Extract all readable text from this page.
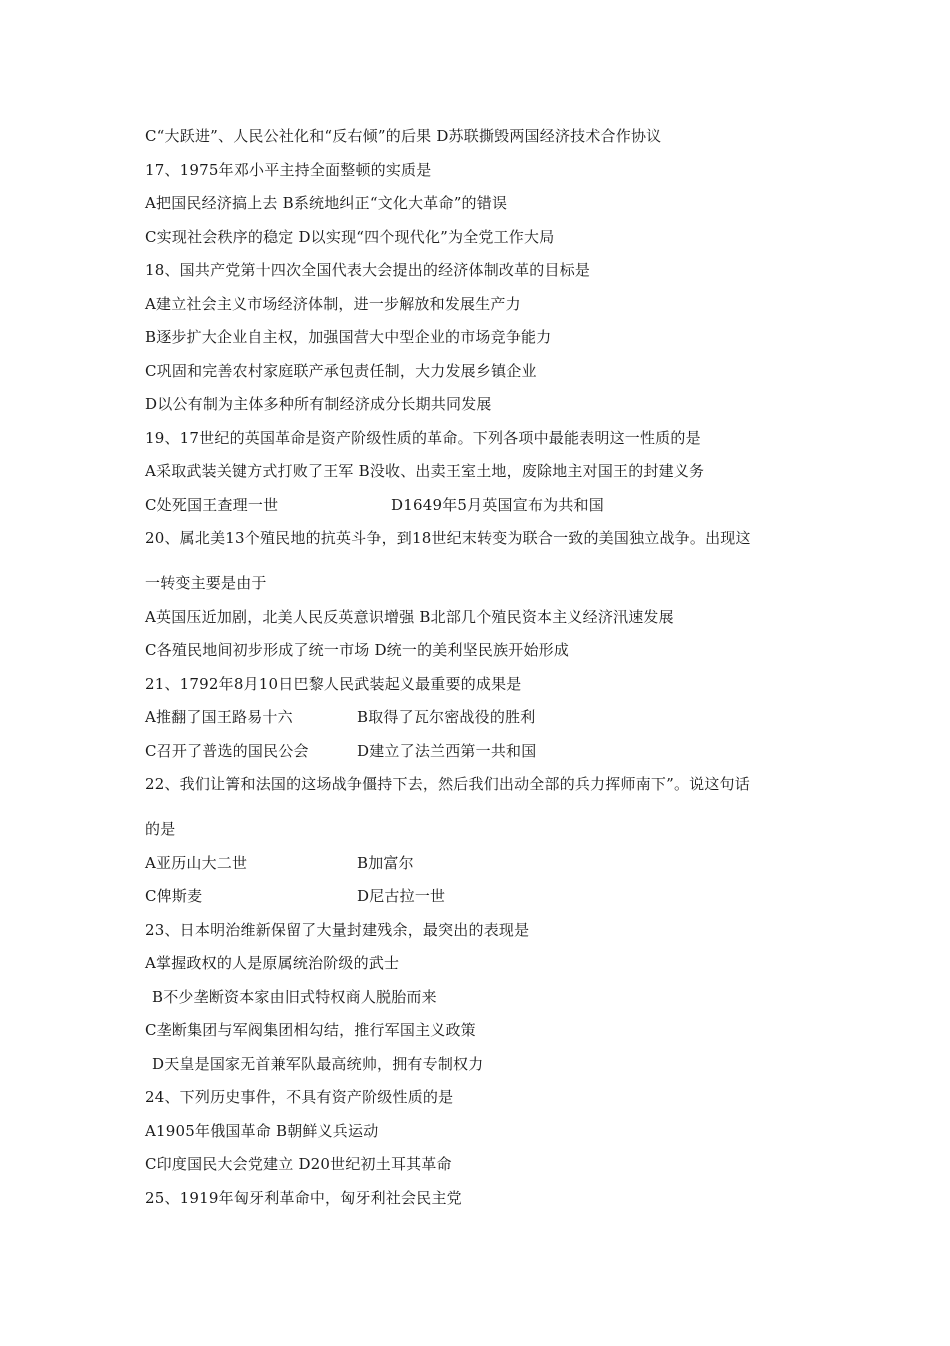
C“大跃进”、人民公社化和“反右倾”的后果 D苏联撕毁两国经济技术合作协议
17、1975年邓小平主持全面整顿的实质是
A把国民经济搞上去 B系统地纠正“文化大革命”的错误
C实现社会秩序的稳定 D以实现“四个现代化”为全党工作大局
18、国共产党第十四次全国代表大会提出的经济体制改革的目标是
A建立社会主义市场经济体制，进一步解放和发展生产力
B逐步扩大企业自主权，加强国营大中型企业的市场竞争能力
C巩固和完善农村家庭联产承包责任制，大力发展乡镇企业
D以公有制为主体多种所有制经济成分长期共同发展
19、17世纪的英国革命是资产阶级性质的革命。下列各项中最能表明这一性质的是
A采取武装关键方式打败了王军 B没收、出卖王室土地，废除地主对国王的封建义务
C处死国王查理一世	D1649年5月英国宣布为共和国
20、属北美13个殖民地的抗英斗争，到18世纪末转变为联合一致的美国独立战争。出现这
一转变主要是由于
A英国压近加剧，北美人民反英意识增强 B北部几个殖民资本主义经济汛速发展
C各殖民地间初步形成了统一市场 D统一的美利坚民族开始形成
21、1792年8月10日巴黎人民武装起义最重要的成果是
A推翻了国王路易十六	B取得了瓦尔密战役的胜利
C召开了普选的国民公会	D建立了法兰西第一共和国
22、我们让箐和法国的这场战争僵持下去，然后我们出动全部的兵力挥师南下”。说这句话
的是
A亚历山大二世	B加富尔
C俾斯麦	D尼古拉一世
23、日本明治维新保留了大量封建残余，最突出的表现是
A掌握政权的人是原属统治阶级的武士
B不少垄断资本家由旧式特权商人脱胎而来
C垄断集团与军阀集团相勾结，推行军国主义政策
D天皇是国家无首兼军队最高统帅，拥有专制权力
24、下列历史事件，不具有资产阶级性质的是
A1905年俄国革命 B朝鲜义兵运动
C印度国民大会党建立 D20世纪初土耳其革命
25、1919年匈牙利革命中，匈牙利社会民主党
